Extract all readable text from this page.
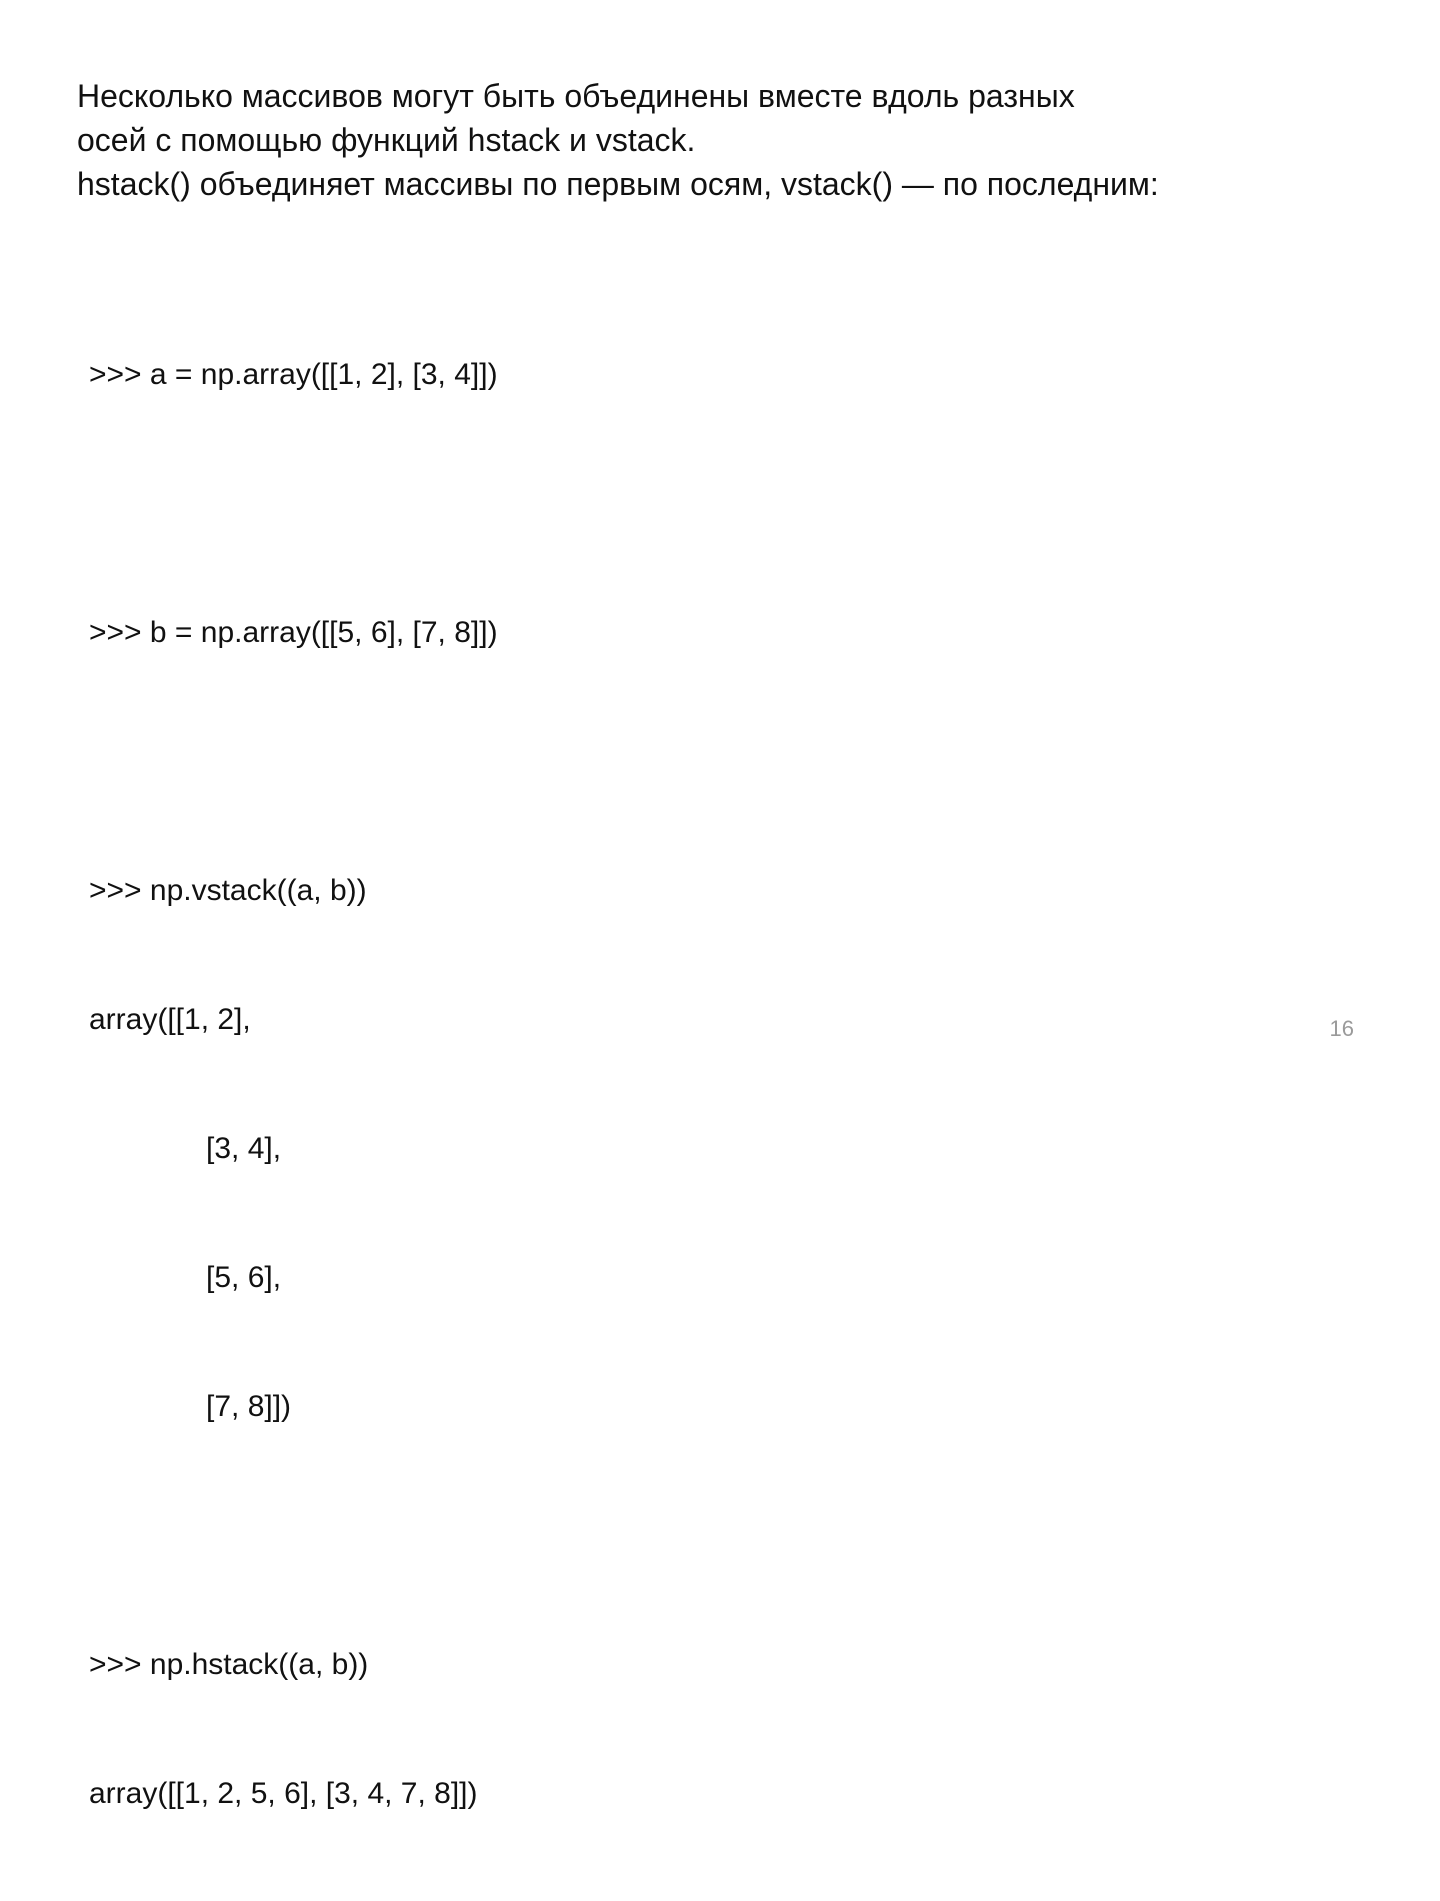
Несколько массивов могут быть объединены вместе вдоль разных
осей с помощью функций hstack и vstack.
hstack() объединяет массивы по первым осям, vstack() — по последним:

>>> a = np.array([[1, 2], [3, 4]])

>>> b = np.array([[5, 6], [7, 8]])

>>> np.vstack((a, b))

array([[1, 2],

[3, 4],

[5, 6],

[7, 8]])

>>> np.hstack((a, b))

array([[1, 2, 5, 6], [3, 4, 7, 8]])

16
